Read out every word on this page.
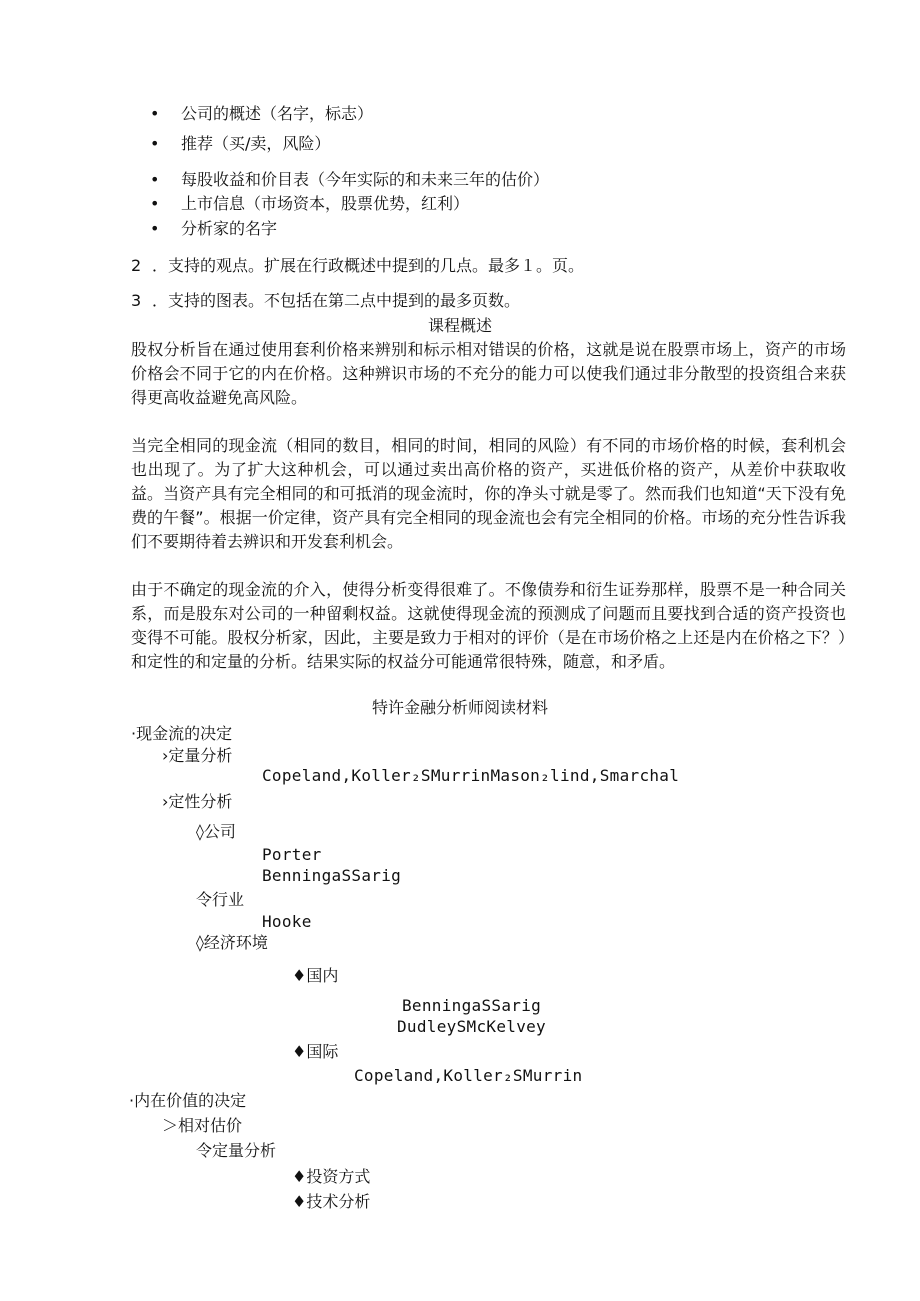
• 公司的概述（名字，标志）
• 推荐（买/卖，风险）
• 每股收益和价目表（今年实际的和未来三年的估价）
• 上市信息（市场资本，股票优势，红利）
• 分析家的名字
2 ．支持的观点。扩展在行政概述中提到的几点。最多１。页。
3 ．支持的图表。不包括在第二点中提到的最多页数。
课程概述

股权分析旨在通过使用套利价格来辨别和标示相对错误的价格，这就是说在股票市场上，资产的市场价格会不同于它的内在价格。这种辨识市场的不充分的能力可以使我们通过非分散型的投资组合来获得更高收益避免高风险。

当完全相同的现金流（相同的数目，相同的时间，相同的风险）有不同的市场价格的时候，套利机会也出现了。为了扩大这种机会，可以通过卖出高价格的资产，买进低价格的资产，从差价中获取收益。当资产具有完全相同的和可抵消的现金流时，你的净头寸就是零了。然而我们也知道“天下没有免费的午餐”。根据一价定律，资产具有完全相同的现金流也会有完全相同的价格。市场的充分性告诉我们不要期待着去辨识和开发套利机会。

由于不确定的现金流的介入，使得分析变得很难了。不像债券和衍生证券那样，股票不是一种合同关系，而是股东对公司的一种留剩权益。这就使得现金流的预测成了问题而且要找到合适的资产投资也变得不可能。股权分析家，因此，主要是致力于相对的评价（是在市场价格之上还是内在价格之下？）和定性的和定量的分析。结果实际的权益分可能通常很特殊，随意，和矛盾。

特许金融分析师阅读材料
·现金流的决定
›定量分析
Copeland,Koller₂SMurrinMason₂lind,Smarchal
›定性分析
◊公司
Porter
BenningaSSarig
令行业
Hooke
◊经济环境
♦国内
BenningaSSarig
DudleySMcKelvey
♦国际
Copeland,Koller₂SMurrin
·内在价值的决定
＞相对估价
令定量分析
♦投资方式
♦技术分析
